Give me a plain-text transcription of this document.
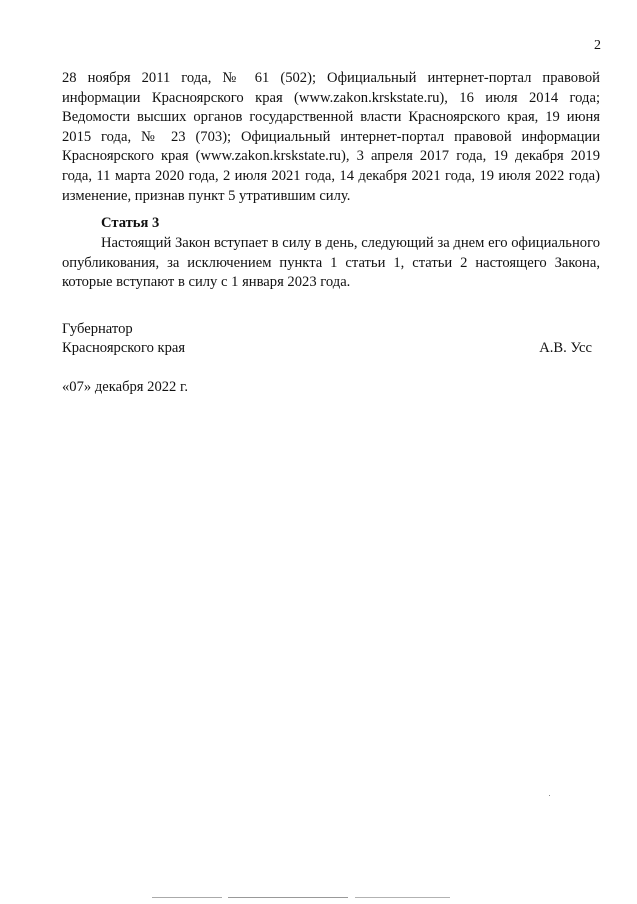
2
28 ноября 2011 года, № 61 (502); Официальный интернет-портал правовой информации Красноярского края (www.zakon.krskstate.ru), 16 июля 2014 года; Ведомости высших органов государственной власти Красноярского края, 19 июня 2015 года, № 23 (703); Официальный интернет-портал правовой информации Красноярского края (www.zakon.krskstate.ru), 3 апреля 2017 года, 19 декабря 2019 года, 11 марта 2020 года, 2 июля 2021 года, 14 декабря 2021 года, 19 июля 2022 года) изменение, признав пункт 5 утратившим силу.
Статья 3
Настоящий Закон вступает в силу в день, следующий за днем его официального опубликования, за исключением пункта 1 статьи 1, статьи 2 настоящего Закона, которые вступают в силу с 1 января 2023 года.
Губернатор
Красноярского края	А.В. Усс
«07» декабря 2022 г.
